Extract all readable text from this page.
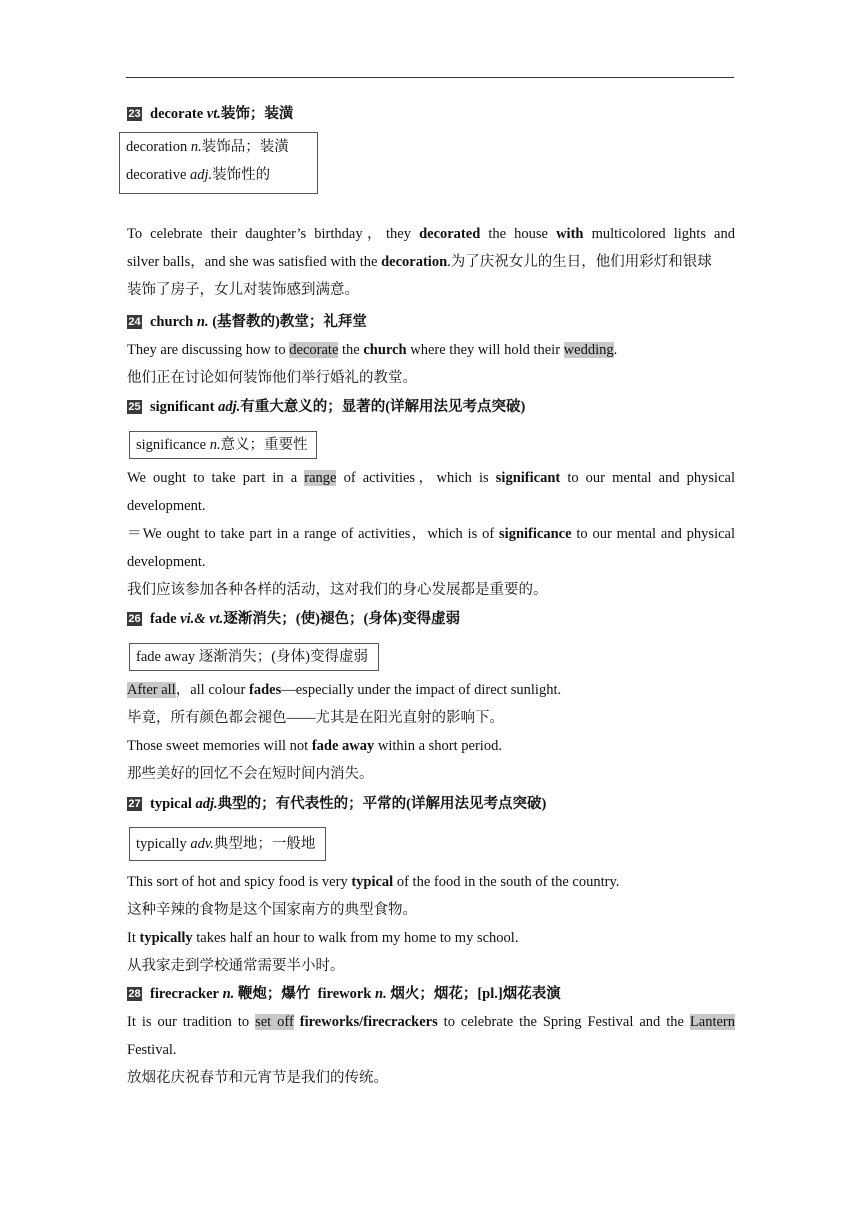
23 decorate
vt. 装饰；装潢
decoration n.装饰品；装潢
decorative adj.装饰性的
To celebrate their daughter’s birthday，they decorated the house with multicolored lights and
silver balls，and she was satisfied with the decoration.为了庆祝女儿的生日，他们用彩灯和银球
装饰了房子，女儿对装饰感到满意。
24 church
n.
(基督教的)教堂；礼拜堂
They are discussing how to decorate the church where they will hold their wedding.
他们正在讨论如何装饰他们举行婚礼的教堂。
25 significant
adj. 有重大意义的；显著的(详解用法见考点突破)
significance n.意义；重要性
We ought to take part in a range of activities，which is significant to our mental and physical
development.
＝We ought to take part in a range of activities，which is of significance to our mental and physical
development.
我们应该参加各种各样的活动，这对我们的身心发展都是重要的。
26 fade
vi.& vt. 逐渐消失；(使)褪色；(身体)变得虚弱
fade away 逐渐消失；(身体)变得虚弱
After all，all colour fades—especially under the impact of direct sunlight.
毕竟，所有颜色都会褪色——尤其是在阳光直射的影响下。
Those sweet memories will not fade away within a short period.
那些美好的回忆不会在短时间内消失。
27 typical
adj. 典型的；有代表性的；平常的(详解用法见考点突破)
typically adv.典型地；一般地
This sort of hot and spicy food is very typical of the food in the south of the country.
这种辛辣的食物是这个国家南方的典型食物。
It typically takes half an hour to walk from my home to my school.
从我家走到学校通常需要半小时。
28 firecracker
n.
鞭炮；爆竹
firework
n.
烟火；烟花；[ pl. ]烟花表演
It is our tradition to set off fireworks/firecrackers to celebrate the Spring Festival and the Lantern
Festival.
放烟花庆祝春节和元宵节是我们的传统。
